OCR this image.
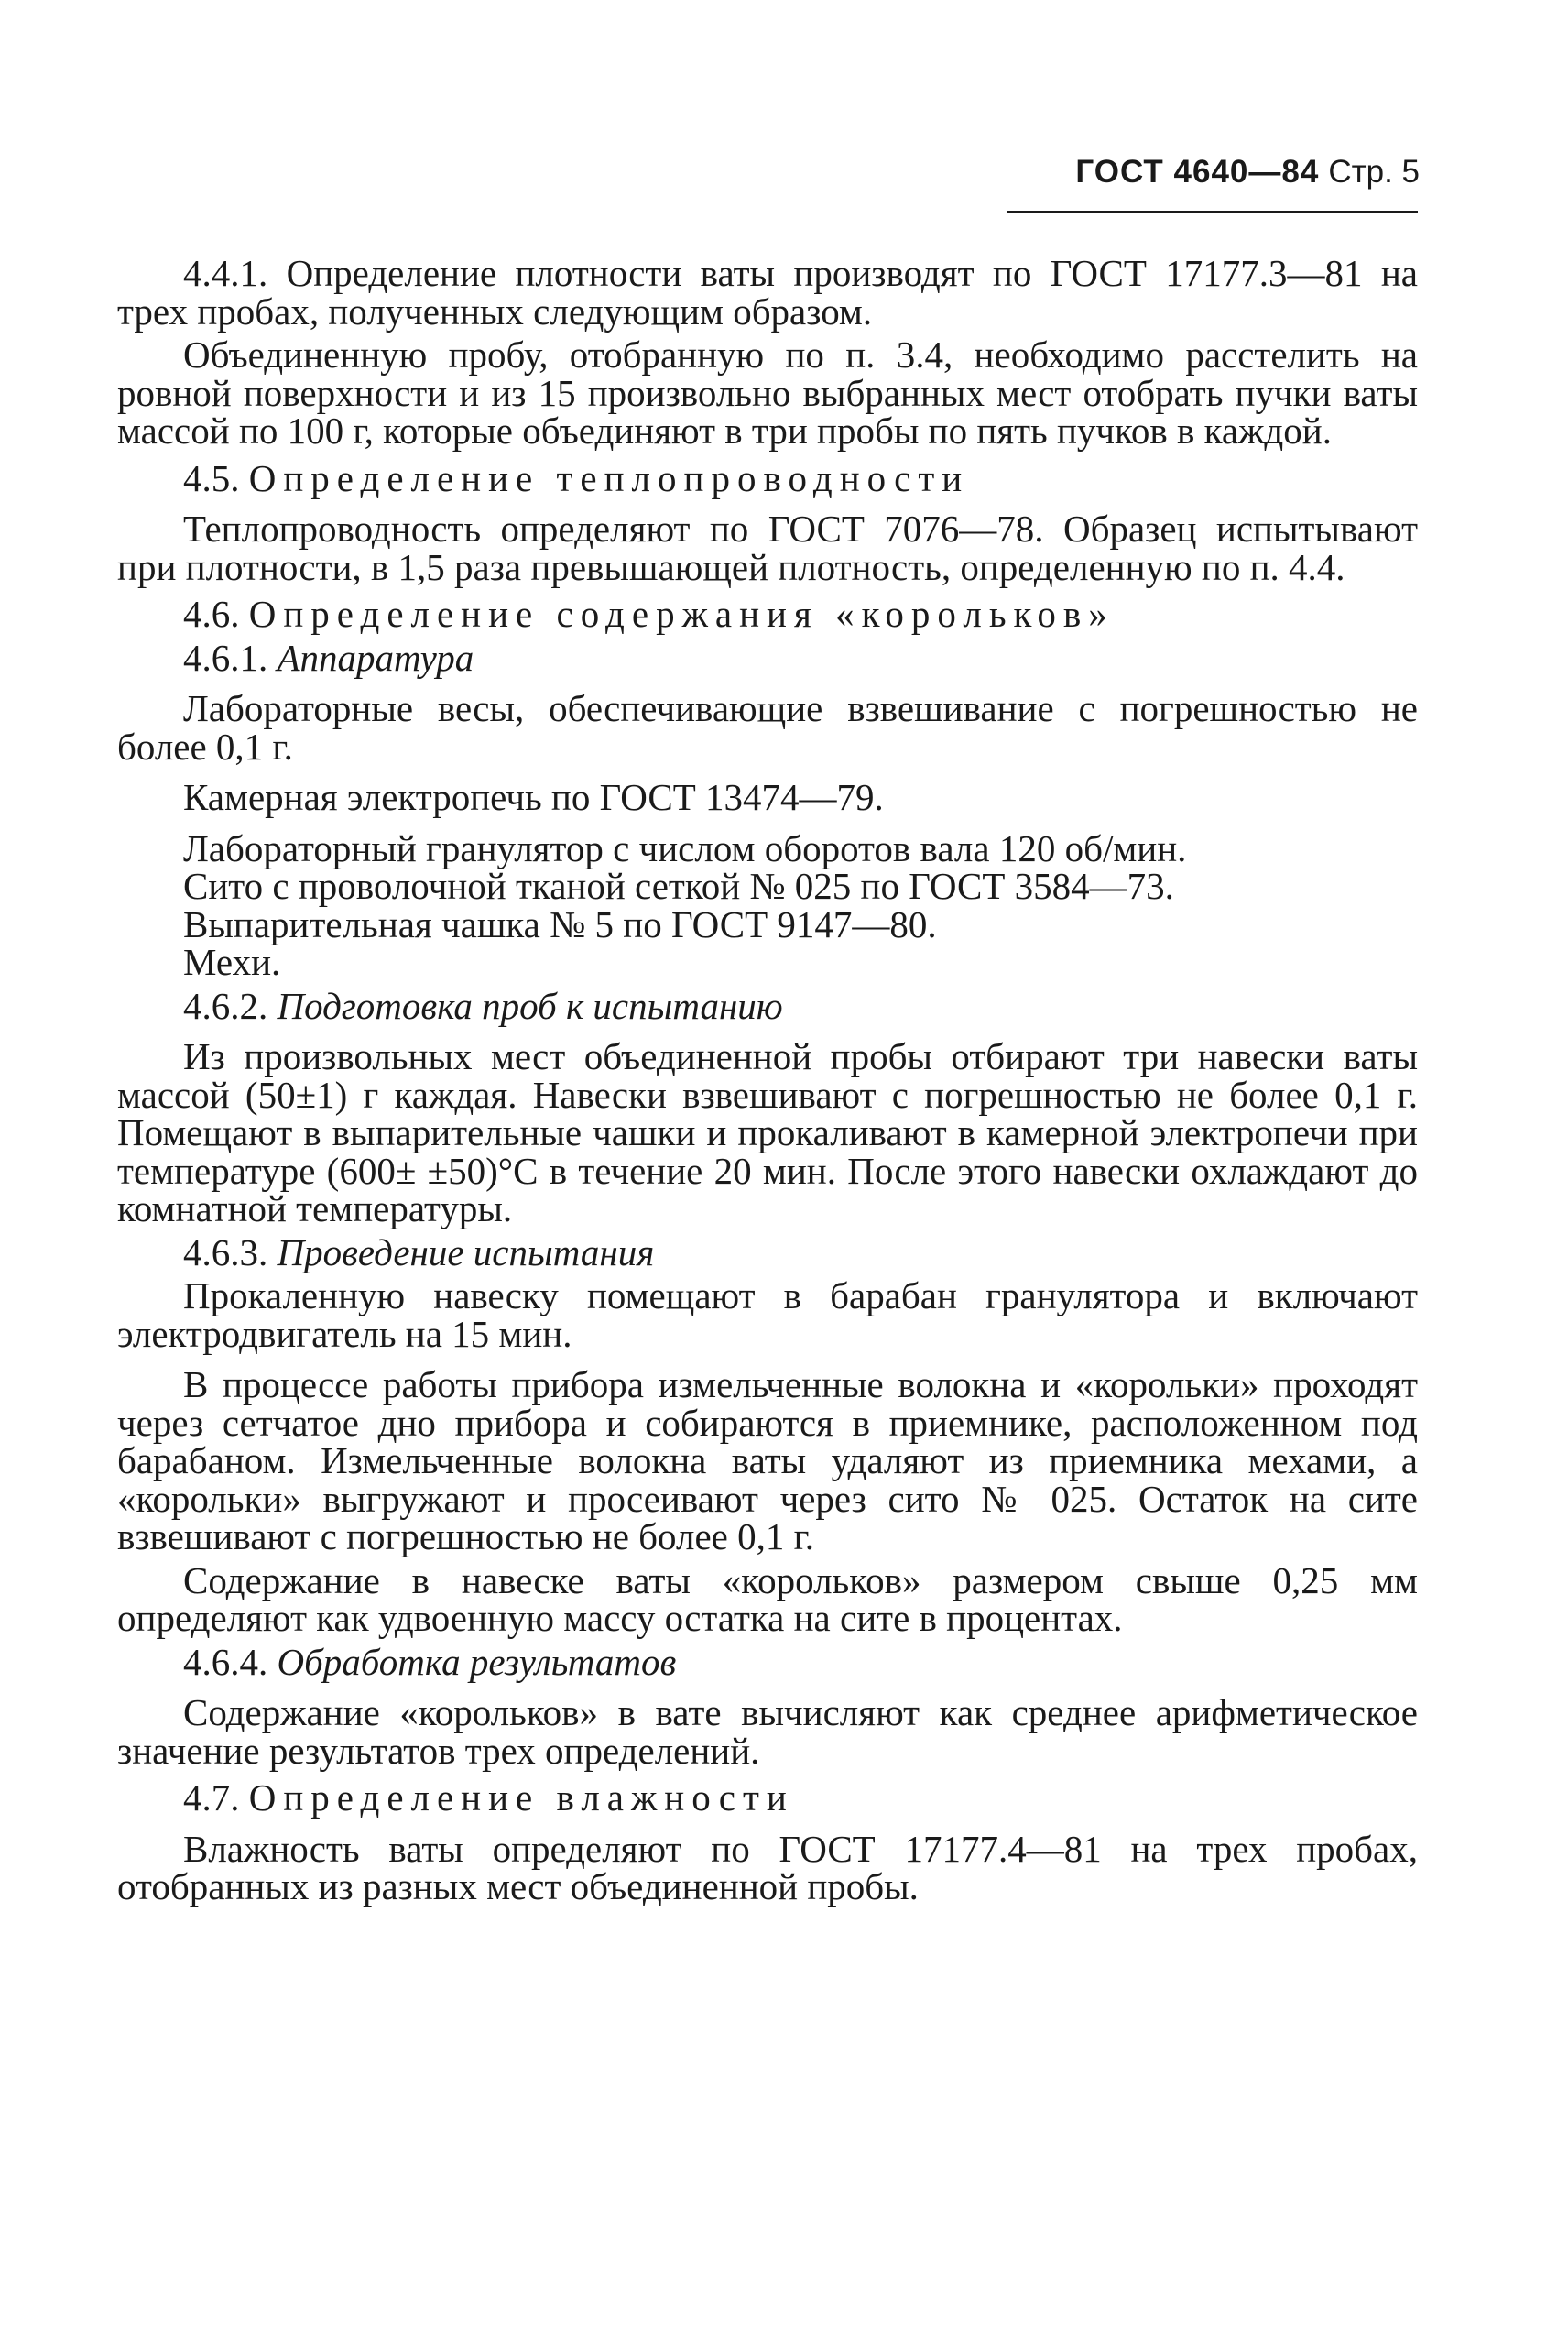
ГОСТ 4640—84 Стр. 5

4.4.1. Определение плотности ваты производят по ГОСТ 17177.3—81 на трех пробах, полученных следующим образом.

Объединенную пробу, отобранную по п. 3.4, необходимо расстелить на ровной поверхности и из 15 произвольно выбранных мест отобрать пучки ваты массой по 100 г, которые объединяют в три пробы по пять пучков в каждой.

4.5. Определение теплопроводности

Теплопроводность определяют по ГОСТ 7076—78. Образец испытывают при плотности, в 1,5 раза превышающей плотность, определенную по п. 4.4.

4.6. Определение содержания «корольков»

4.6.1. Аппаратура

Лабораторные весы, обеспечивающие взвешивание с погрешностью не более 0,1 г.

Камерная электропечь по ГОСТ 13474—79.

Лабораторный гранулятор с числом оборотов вала 120 об/мин.

Сито с проволочной тканой сеткой № 025 по ГОСТ 3584—73.

Выпарительная чашка № 5 по ГОСТ 9147—80.

Мехи.

4.6.2. Подготовка проб к испытанию

Из произвольных мест объединенной пробы отбирают три навески ваты массой (50±1) г каждая. Навески взвешивают с погрешностью не более 0,1 г. Помещают в выпарительные чашки и прокаливают в камерной электропечи при температуре (600± ±50)°С в течение 20 мин. После этого навески охлаждают до комнатной температуры.

4.6.3. Проведение испытания

Прокаленную навеску помещают в барабан гранулятора и включают электродвигатель на 15 мин.

В процессе работы прибора измельченные волокна и «корольки» проходят через сетчатое дно прибора и собираются в приемнике, расположенном под барабаном. Измельченные волокна ваты удаляют из приемника мехами, а «корольки» выгружают и просеивают через сито № 025. Остаток на сите взвешивают с погрешностью не более 0,1 г.

Содержание в навеске ваты «корольков» размером свыше 0,25 мм определяют как удвоенную массу остатка на сите в процентах.

4.6.4. Обработка результатов

Содержание «корольков» в вате вычисляют как среднее арифметическое значение результатов трех определений.

4.7. Определение влажности

Влажность ваты определяют по ГОСТ 17177.4—81 на трех пробах, отобранных из разных мест объединенной пробы.
